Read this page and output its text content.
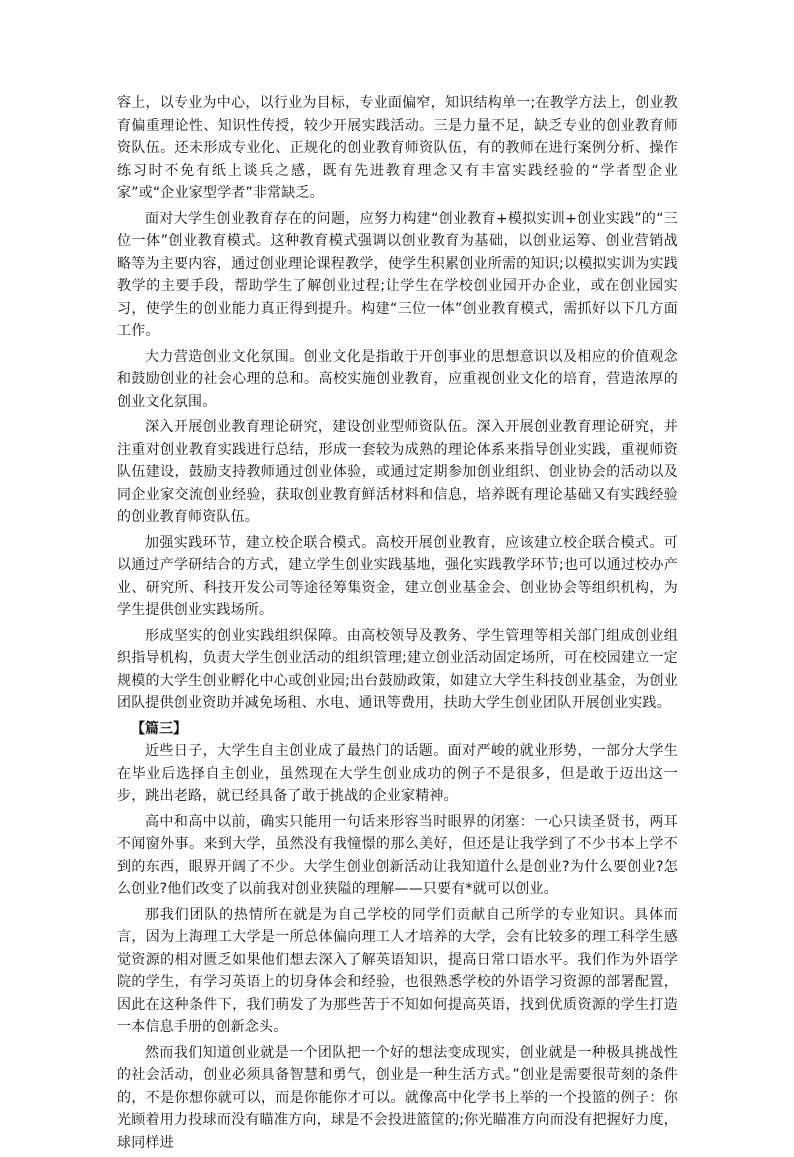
容上，以专业为中心，以行业为目标，专业面偏窄，知识结构单一;在教学方法上，创业教育偏重理论性、知识性传授，较少开展实践活动。三是力量不足，缺乏专业的创业教育师资队伍。还未形成专业化、正规化的创业教育师资队伍，有的教师在进行案例分析、操作练习时不免有纸上谈兵之感，既有先进教育理念又有丰富实践经验的“学者型企业家”或“企业家型学者”非常缺乏。

面对大学生创业教育存在的问题，应努力构建“创业教育+模拟实训+创业实践”的“三位一体”创业教育模式。这种教育模式强调以创业教育为基础，以创业运筹、创业营销战略等为主要内容，通过创业理论课程教学，使学生积累创业所需的知识;以模拟实训为实践教学的主要手段，帮助学生了解创业过程;让学生在学校创业园开办企业，或在创业园实习，使学生的创业能力真正得到提升。构建“三位一体”创业教育模式，需抓好以下几方面工作。

大力营造创业文化氛围。创业文化是指敢于开创事业的思想意识以及相应的价值观念和鼓励创业的社会心理的总和。高校实施创业教育，应重视创业文化的培育，营造浓厚的创业文化氛围。

深入开展创业教育理论研究，建设创业型师资队伍。深入开展创业教育理论研究，并注重对创业教育实践进行总结，形成一套较为成熟的理论体系来指导创业实践，重视师资队伍建设，鼓励支持教师通过创业体验，或通过定期参加创业组织、创业协会的活动以及同企业家交流创业经验，获取创业教育鲜活材料和信息，培养既有理论基础又有实践经验的创业教育师资队伍。

加强实践环节，建立校企联合模式。高校开展创业教育，应该建立校企联合模式。可以通过产学研结合的方式，建立学生创业实践基地，强化实践教学环节;也可以通过校办产业、研究所、科技开发公司等途径筹集资金，建立创业基金会、创业协会等组织机构，为学生提供创业实践场所。

形成坚实的创业实践组织保障。由高校领导及教务、学生管理等相关部门组成创业组织指导机构，负责大学生创业活动的组织管理;建立创业活动固定场所，可在校园建立一定规模的大学生创业孵化中心或创业园;出台鼓励政策，如建立大学生科技创业基金，为创业团队提供创业资助并减免场租、水电、通讯等费用，扶助大学生创业团队开展创业实践。

【篇三】

近些日子，大学生自主创业成了最热门的话题。面对严峻的就业形势，一部分大学生在毕业后选择自主创业，虽然现在大学生创业成功的例子不是很多，但是敢于迈出这一步，跳出老路，就已经具备了敢于挑战的企业家精神。

高中和高中以前，确实只能用一句话来形容当时眼界的闭塞：一心只读圣贤书，两耳不闻窗外事。来到大学，虽然没有我憧憬的那么美好，但还是让我学到了不少书本上学不到的东西，眼界开阔了不少。大学生创业创新活动让我知道什么是创业?为什么要创业?怎么创业?他们改变了以前我对创业狭隘的理解——只要有*就可以创业。

那我们团队的热情所在就是为自己学校的同学们贡献自己所学的专业知识。具体而言，因为上海理工大学是一所总体偏向理工人才培养的大学，会有比较多的理工科学生感觉资源的相对匮乏如果他们想去深入了解英语知识，提高日常口语水平。我们作为外语学院的学生，有学习英语上的切身体会和经验，也很熟悉学校的外语学习资源的部署配置，因此在这种条件下，我们萌发了为那些苦于不知如何提高英语，找到优质资源的学生打造一本信息手册的创新念头。

然而我们知道创业就是一个团队把一个好的想法变成现实，创业就是一种极具挑战性的社会活动，创业必须具备智慧和勇气，创业是一种生活方式。”创业是需要很苛刻的条件的，不是你想你就可以，而是你能你才可以。就像高中化学书上举的一个投篮的例子：你光顾着用力投球而没有瞄准方向，球是不会投进篮筐的;你光瞄准方向而没有把握好力度，球同样进
